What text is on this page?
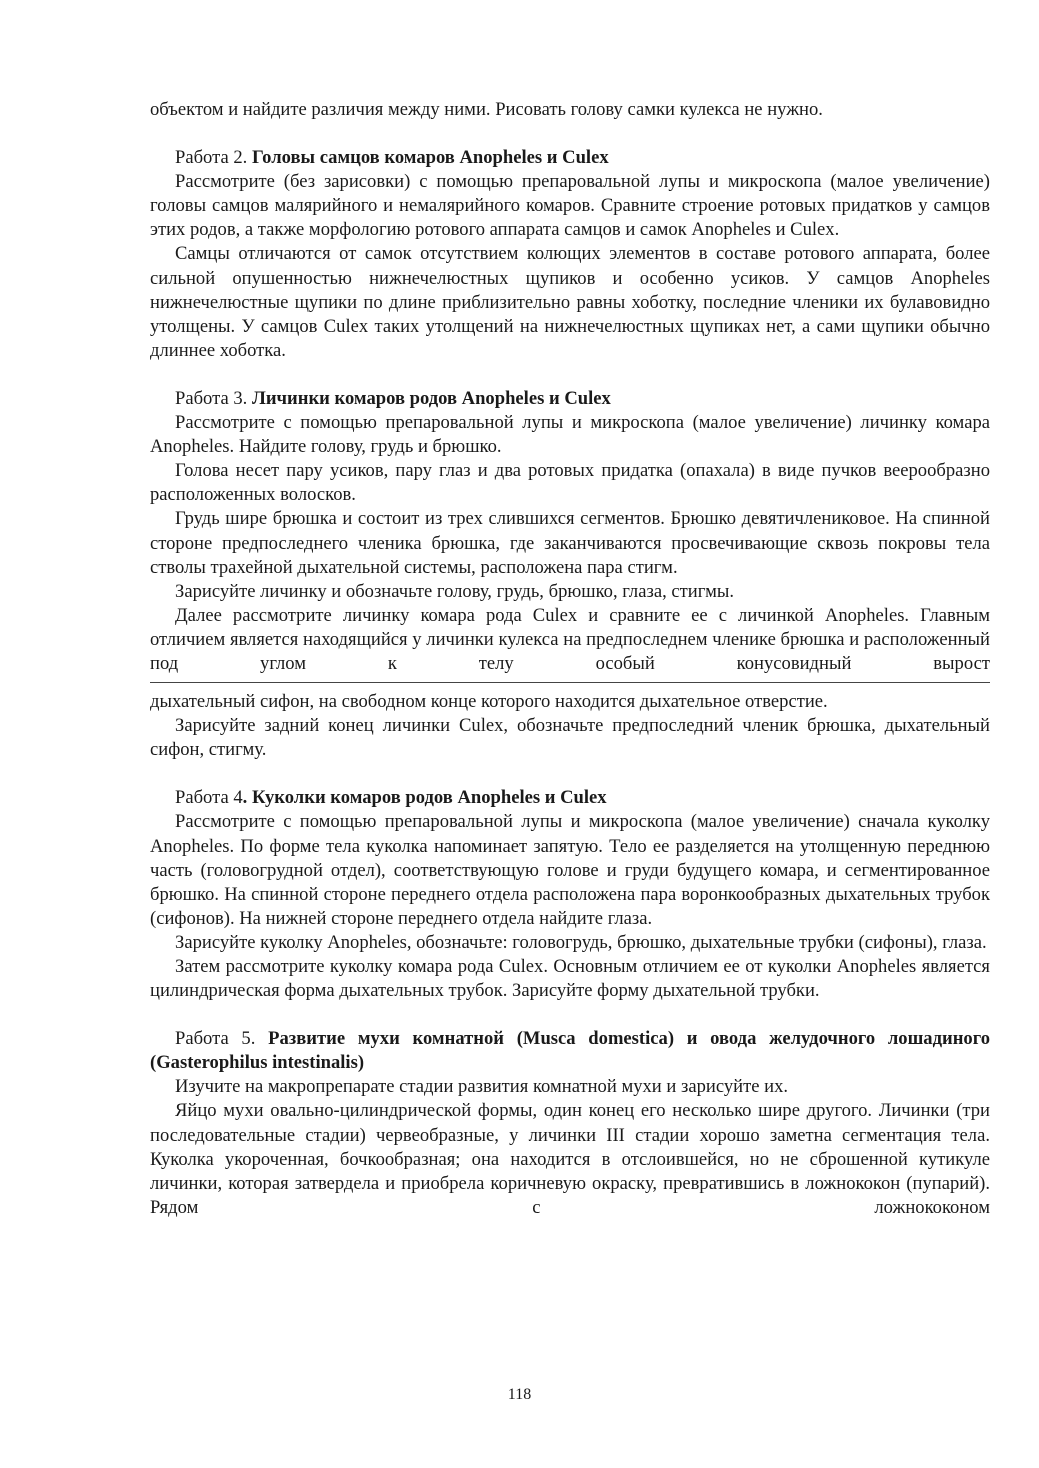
объектом и найдите различия между ними. Рисовать голову самки кулекса не нужно.

Работа 2. Головы самцов комаров Anopheles и Culex

Рассмотрите (без зарисовки) с помощью препаровальной лупы и микроскопа (малое увеличение) головы самцов малярийного и немалярийного комаров. Сравните строение ротовых придатков у самцов этих родов, а также морфологию ротового аппарата самцов и самок Anopheles и Culex.

Самцы отличаются от самок отсутствием колющих элементов в составе ротового аппарата, более сильной опушенностью нижнечелюстных щупиков и особенно усиков. У самцов Anopheles нижнечелюстные щупики по длине приблизительно равны хоботку, последние членики их булавовидно утолщены. У самцов Culex таких утолщений на нижнечелюстных щупиках нет, а сами щупики обычно длиннее хоботка.

Работа 3. Личинки комаров родов Anopheles и Culex

Рассмотрите с помощью препаровальной лупы и микроскопа (малое увеличение) личинку комара Anopheles. Найдите голову, грудь и брюшко.

Голова несет пару усиков, пару глаз и два ротовых придатка (опахала) в виде пучков веерообразно расположенных волосков.

Грудь шире брюшка и состоит из трех слившихся сегментов. Брюшко девятичлениковое. На спинной стороне предпоследнего членика брюшка, где заканчиваются просвечивающие сквозь покровы тела стволы трахейной дыхательной системы, расположена пара стигм.

Зарисуйте личинку и обозначьте голову, грудь, брюшко, глаза, стигмы.

Далее рассмотрите личинку комара рода Culex и сравните ее с личинкой Anopheles. Главным отличием является находящийся у личинки кулекса на предпоследнем членике брюшка и расположенный под углом к телу особый конусовидный вырост

дыхательный сифон, на свободном конце которого находится дыхательное отверстие.

Зарисуйте задний конец личинки Culex, обозначьте предпоследний членик брюшка, дыхательный сифон, стигму.

Работа 4. Куколки комаров родов Anopheles и Culex

Рассмотрите с помощью препаровальной лупы и микроскопа (малое увеличение) сначала куколку Anopheles. По форме тела куколка напоминает запятую. Тело ее разделяется на утолщенную переднюю часть (головогрудной отдел), соответствующую голове и груди будущего комара, и сегментированное брюшко. На спинной стороне переднего отдела расположена пара воронкообразных дыхательных трубок (сифонов). На нижней стороне переднего отдела найдите глаза.

Зарисуйте куколку Anopheles, обозначьте: головогрудь, брюшко, дыхательные трубки (сифоны), глаза.

Затем рассмотрите куколку комара рода Culex. Основным отличием ее от куколки Anopheles является цилиндрическая форма дыхательных трубок. Зарисуйте форму дыхательной трубки.

Работа 5. Развитие мухи комнатной (Musca domestica) и овода желудочного лошадиного (Gasterophilus intestinalis)

Изучите на макропрепарате стадии развития комнатной мухи и зарисуйте их.

Яйцо мухи овально-цилиндрической формы, один конец его несколько шире другого. Личинки (три последовательные стадии) червеобразные, у личинки III стадии хорошо заметна сегментация тела. Куколка укороченная, бочкообразная; она находится в отслоившейся, но не сброшенной кутикуле личинки, которая затвердела и приобрела коричневую окраску, превратившись в ложнококон (пупарий). Рядом с ложнококоном

118
